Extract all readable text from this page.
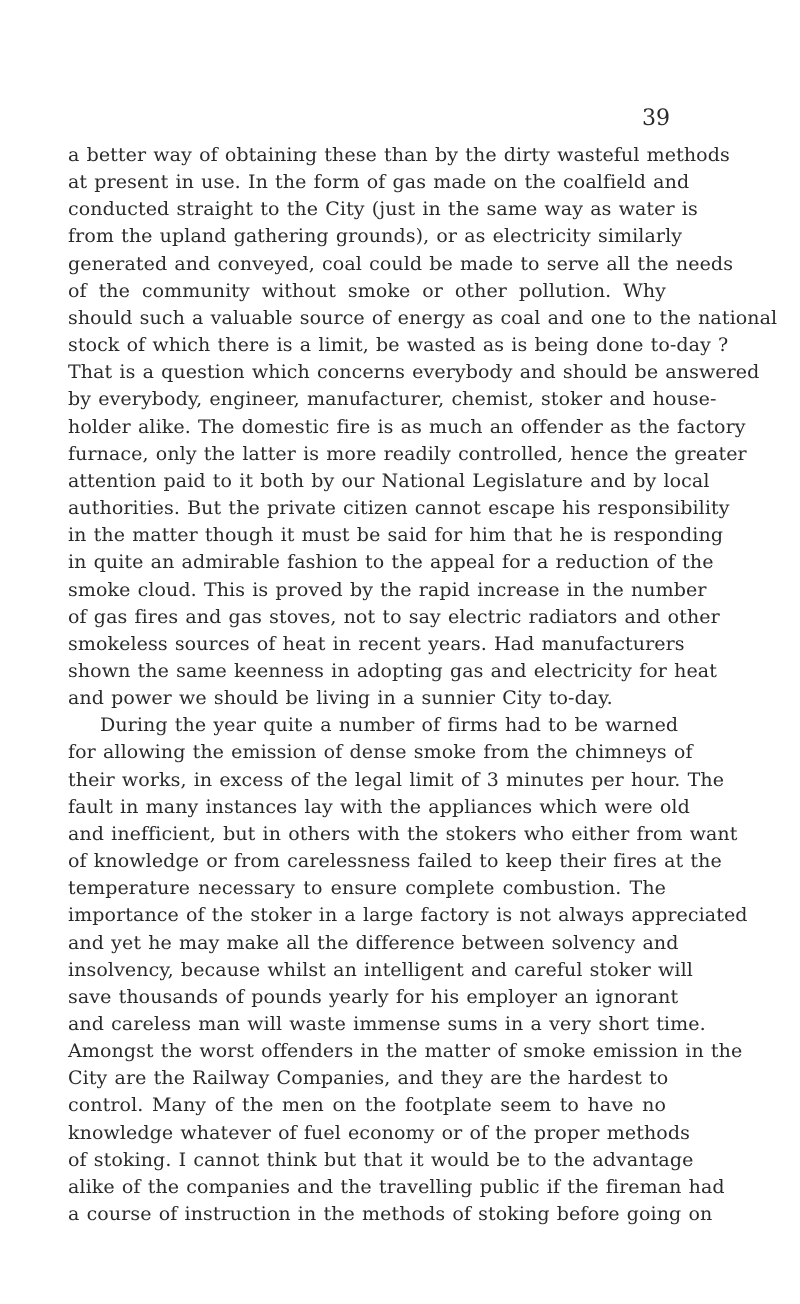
39
a better way of obtaining these than by the dirty wasteful methods
at present in use. In the form of gas made on the coalfield and
conducted straight to the City (just in the same way as water is
from the upland gathering grounds), or as electricity similarly
generated and conveyed, coal could be made to serve all the needs
of the community without smoke or other pollution. Why
should such a valuable source of energy as coal and one to the national
stock of which there is a limit, be wasted as is being done to-day ?
That is a question which concerns everybody and should be answered
by everybody, engineer, manufacturer, chemist, stoker and house-
holder alike. The domestic fire is as much an offender as the factory
furnace, only the latter is more readily controlled, hence the greater
attention paid to it both by our National Legislature and by local
authorities. But the private citizen cannot escape his responsibility
in the matter though it must be said for him that he is responding
in quite an admirable fashion to the appeal for a reduction of the
smoke cloud. This is proved by the rapid increase in the number
of gas fires and gas stoves, not to say electric radiators and other
smokeless sources of heat in recent years. Had manufacturers
shown the same keenness in adopting gas and electricity for heat
and power we should be living in a sunnier City to-day.
During the year quite a number of firms had to be warned
for allowing the emission of dense smoke from the chimneys of
their works, in excess of the legal limit of 3 minutes per hour. The
fault in many instances lay with the appliances which were old
and inefficient, but in others with the stokers who either from want
of knowledge or from carelessness failed to keep their fires at the
temperature necessary to ensure complete combustion. The
importance of the stoker in a large factory is not always appreciated
and yet he may make all the difference between solvency and
insolvency, because whilst an intelligent and careful stoker will
save thousands of pounds yearly for his employer an ignorant
and careless man will waste immense sums in a very short time.
Amongst the worst offenders in the matter of smoke emission in the
City are the Railway Companies, and they are the hardest to
control. Many of the men on the footplate seem to have no
knowledge whatever of fuel economy or of the proper methods
of stoking. I cannot think but that it would be to the advantage
alike of the companies and the travelling public if the fireman had
a course of instruction in the methods of stoking before going on
